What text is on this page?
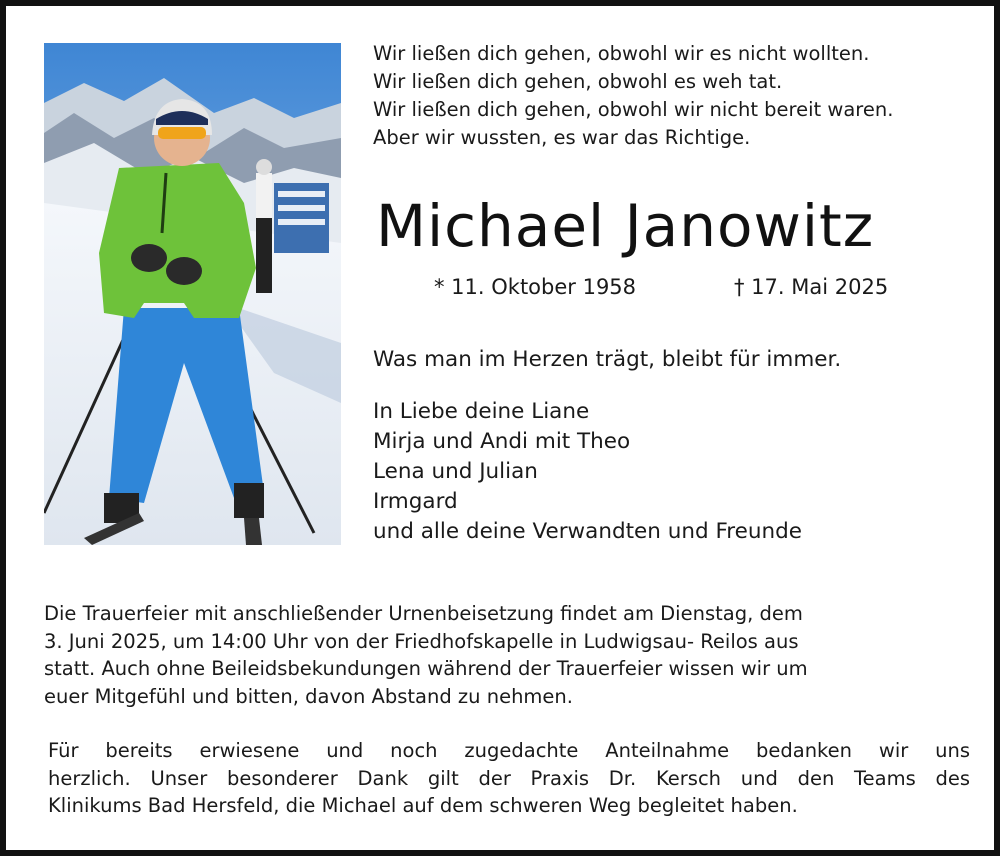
Wir ließen dich gehen, obwohl wir es nicht wollten.
Wir ließen dich gehen, obwohl es weh tat.
Wir ließen dich gehen, obwohl wir nicht bereit waren.
Aber wir wussten, es war das Richtige.
Michael Janowitz
* 11. Oktober 1958	† 17. Mai 2025
Was man im Herzen trägt, bleibt für immer.
In Liebe deine Liane
Mirja und Andi mit Theo
Lena und Julian
Irmgard
und alle deine Verwandten und Freunde
Die Trauerfeier mit anschließender Urnenbeisetzung findet am Dienstag, dem
3. Juni 2025, um 14:00 Uhr von der Friedhofskapelle in Ludwigsau- Reilos aus
statt. Auch ohne Beileidsbekundungen während der Trauerfeier wissen wir um
euer Mitgefühl und bitten, davon Abstand zu nehmen.
Für bereits erwiesene und noch zugedachte Anteilnahme bedanken wir uns
herzlich. Unser besonderer Dank gilt der Praxis Dr. Kersch und den Teams des
Klinikums Bad Hersfeld, die Michael auf dem schweren Weg begleitet haben.
